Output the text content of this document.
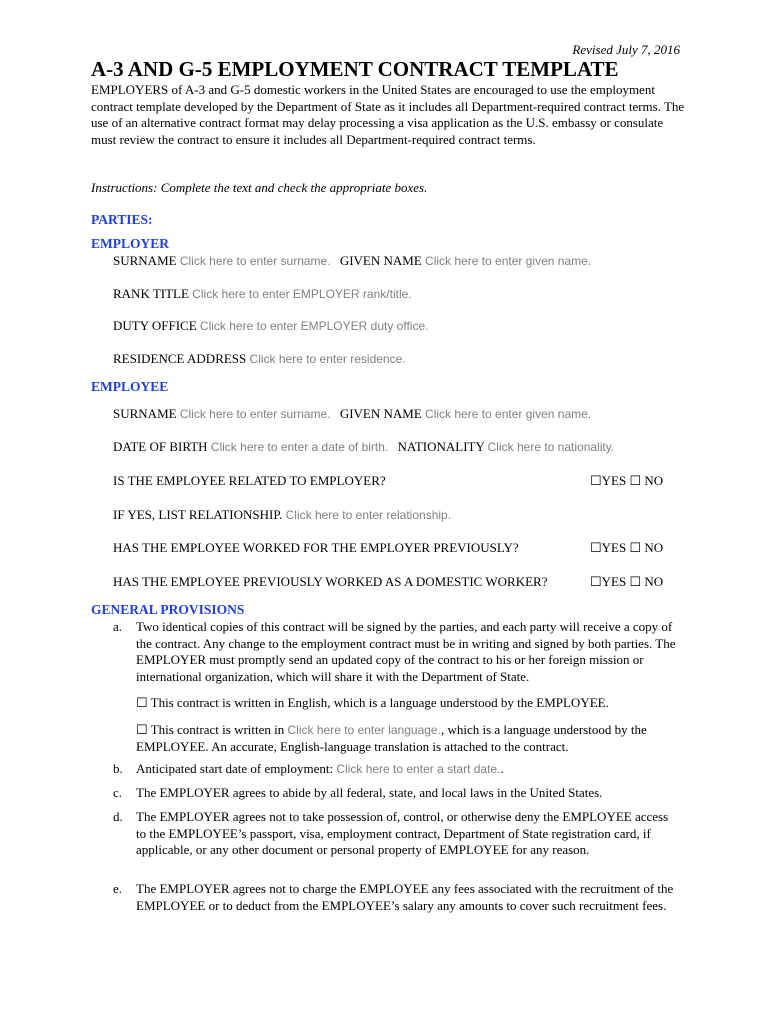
Revised July 7, 2016
A-3 AND G-5 EMPLOYMENT CONTRACT TEMPLATE
EMPLOYERS of A-3 and G-5 domestic workers in the United States are encouraged to use the employment contract template developed by the Department of State as it includes all Department-required contract terms. The use of an alternative contract format may delay processing a visa application as the U.S. embassy or consulate must review the contract to ensure it includes all Department-required contract terms.
Instructions: Complete the text and check the appropriate boxes.
PARTIES:
EMPLOYER
SURNAME Click here to enter surname. GIVEN NAME Click here to enter given name.
RANK TITLE Click here to enter EMPLOYER rank/title.
DUTY OFFICE Click here to enter EMPLOYER duty office.
RESIDENCE ADDRESS Click here to enter residence.
EMPLOYEE
SURNAME Click here to enter surname. GIVEN NAME Click here to enter given name.
DATE OF BIRTH Click here to enter a date of birth. NATIONALITY Click here to nationality.
IS THE EMPLOYEE RELATED TO EMPLOYER?	☐YES ☐ NO
IF YES, LIST RELATIONSHIP. Click here to enter relationship.
HAS THE EMPLOYEE WORKED FOR THE EMPLOYER PREVIOUSLY?	☐YES ☐ NO
HAS THE EMPLOYEE PREVIOUSLY WORKED AS A DOMESTIC WORKER?	☐YES ☐ NO
GENERAL PROVISIONS
a. Two identical copies of this contract will be signed by the parties, and each party will receive a copy of the contract. Any change to the employment contract must be in writing and signed by both parties. The EMPLOYER must promptly send an updated copy of the contract to his or her foreign mission or international organization, which will share it with the Department of State.

☐ This contract is written in English, which is a language understood by the EMPLOYEE.

☐ This contract is written in Click here to enter language., which is a language understood by the EMPLOYEE. An accurate, English-language translation is attached to the contract.

b. Anticipated start date of employment: Click here to enter a start date..
c. The EMPLOYER agrees to abide by all federal, state, and local laws in the United States.
d. The EMPLOYER agrees not to take possession of, control, or otherwise deny the EMPLOYEE access to the EMPLOYEE’s passport, visa, employment contract, Department of State registration card, if applicable, or any other document or personal property of EMPLOYEE for any reason.
e. The EMPLOYER agrees not to charge the EMPLOYEE any fees associated with the recruitment of the EMPLOYEE or to deduct from the EMPLOYEE’s salary any amounts to cover such recruitment fees.
